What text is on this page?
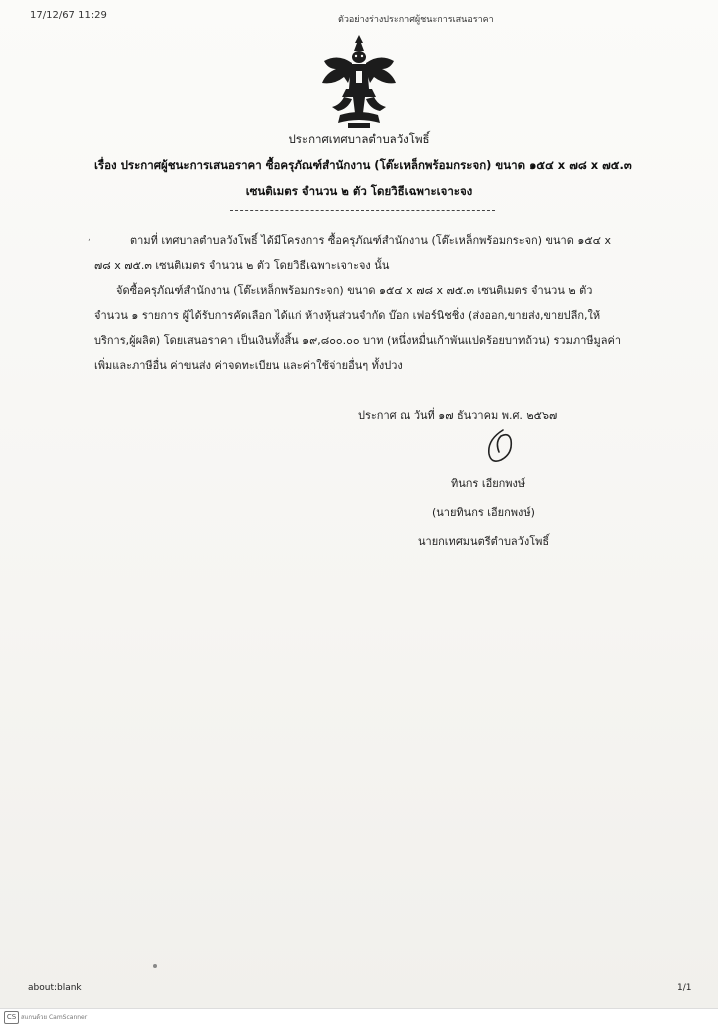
17/12/67 11:29	ตัวอย่างร่างประกาศผู้ชนะการเสนอราคา
ประกาศเทศบาลตำบลวังโพธิ์
เรื่อง ประกาศผู้ชนะการเสนอราคา ซื้อครุภัณฑ์สำนักงาน (โต๊ะเหล็กพร้อมกระจก) ขนาด ๑๕๔ x ๗๘ x ๗๕.๓
เซนติเมตร จำนวน ๒ ตัว โดยวิธีเฉพาะเจาะจง
,	ตามที่ เทศบาลตำบลวังโพธิ์ ได้มีโครงการ ซื้อครุภัณฑ์สำนักงาน (โต๊ะเหล็กพร้อมกระจก) ขนาด ๑๕๔ x
๗๘ x ๗๕.๓ เซนติเมตร จำนวน ๒ ตัว โดยวิธีเฉพาะเจาะจง นั้น
จัดซื้อครุภัณฑ์สำนักงาน (โต๊ะเหล็กพร้อมกระจก) ขนาด ๑๕๔ x ๗๘ x ๗๕.๓ เซนติเมตร จำนวน ๒ ตัว
จำนวน ๑ รายการ ผู้ได้รับการคัดเลือก ได้แก่ ห้างหุ้นส่วนจำกัด บ๊อก เฟอร์นิชชิ่ง (ส่งออก,ขายส่ง,ขายปลีก,ให้
บริการ,ผู้ผลิต) โดยเสนอราคา เป็นเงินทั้งสิ้น ๑๙,๘๐๐.๐๐ บาท (หนึ่งหมื่นเก้าพันแปดร้อยบาทถ้วน) รวมภาษีมูลค่า
เพิ่มและภาษีอื่น ค่าขนส่ง ค่าจดทะเบียน และค่าใช้จ่ายอื่นๆ ทั้งปวง
ประกาศ ณ วันที่ ๑๗ ธันวาคม พ.ศ. ๒๕๖๗
ทินกร เอียกพงษ์
(นายทินกร เอียกพงษ์)
นายกเทศมนตรีตำบลวังโพธิ์
about:blank	1/1
CS สแกนด้วย CamScanner
